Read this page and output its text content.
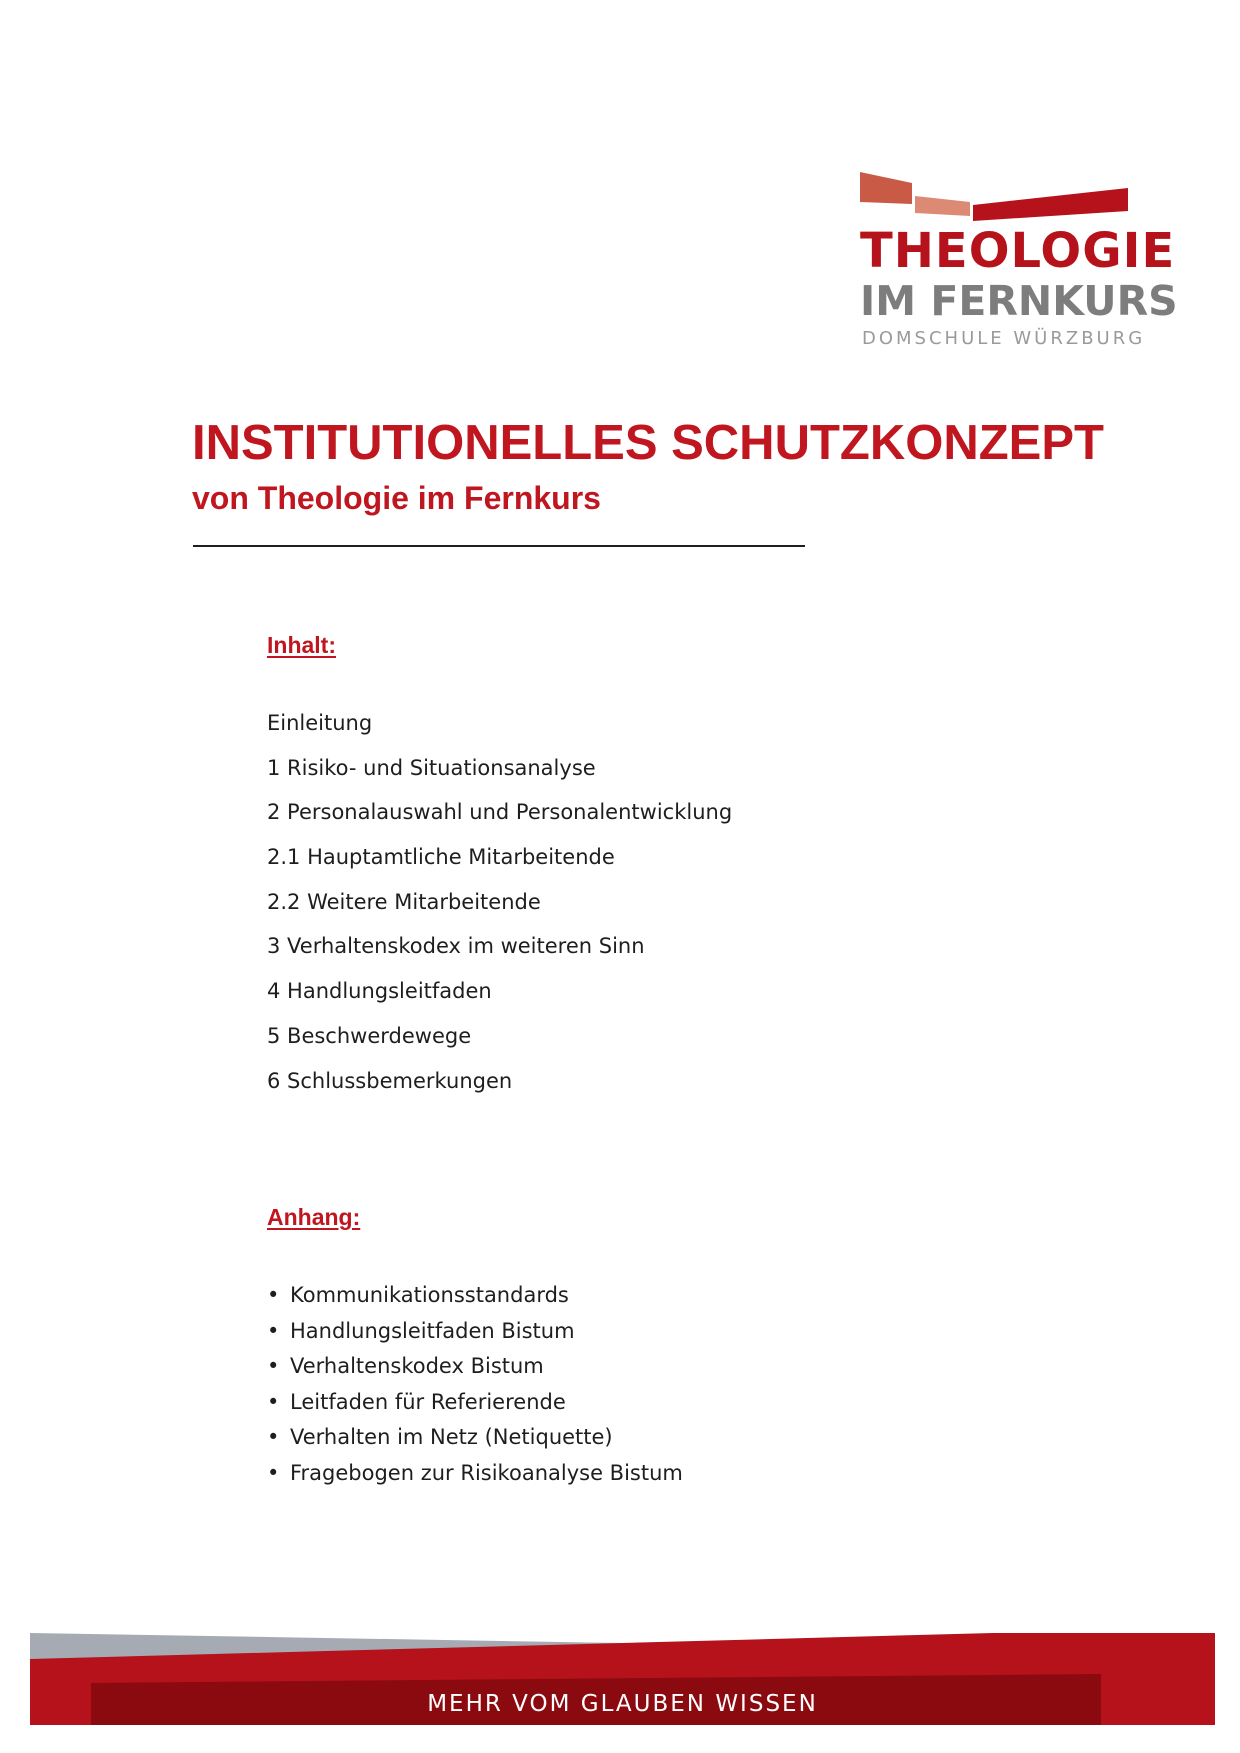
THEOLOGIE
IM FERNKURS
DOMSCHULE WÜRZBURG
INSTITUTIONELLES SCHUTZKONZEPT
von Theologie im Fernkurs
Inhalt:
Einleitung
1 Risiko- und Situationsanalyse
2 Personalauswahl und Personalentwicklung
2.1 Hauptamtliche Mitarbeitende
2.2 Weitere Mitarbeitende
3 Verhaltenskodex im weiteren Sinn
4 Handlungsleitfaden
5 Beschwerdewege
6 Schlussbemerkungen
Anhang:
• Kommunikationsstandards
• Handlungsleitfaden Bistum
• Verhaltenskodex Bistum
• Leitfaden für Referierende
• Verhalten im Netz (Netiquette)
• Fragebogen zur Risikoanalyse Bistum
MEHR VOM GLAUBEN WISSEN
